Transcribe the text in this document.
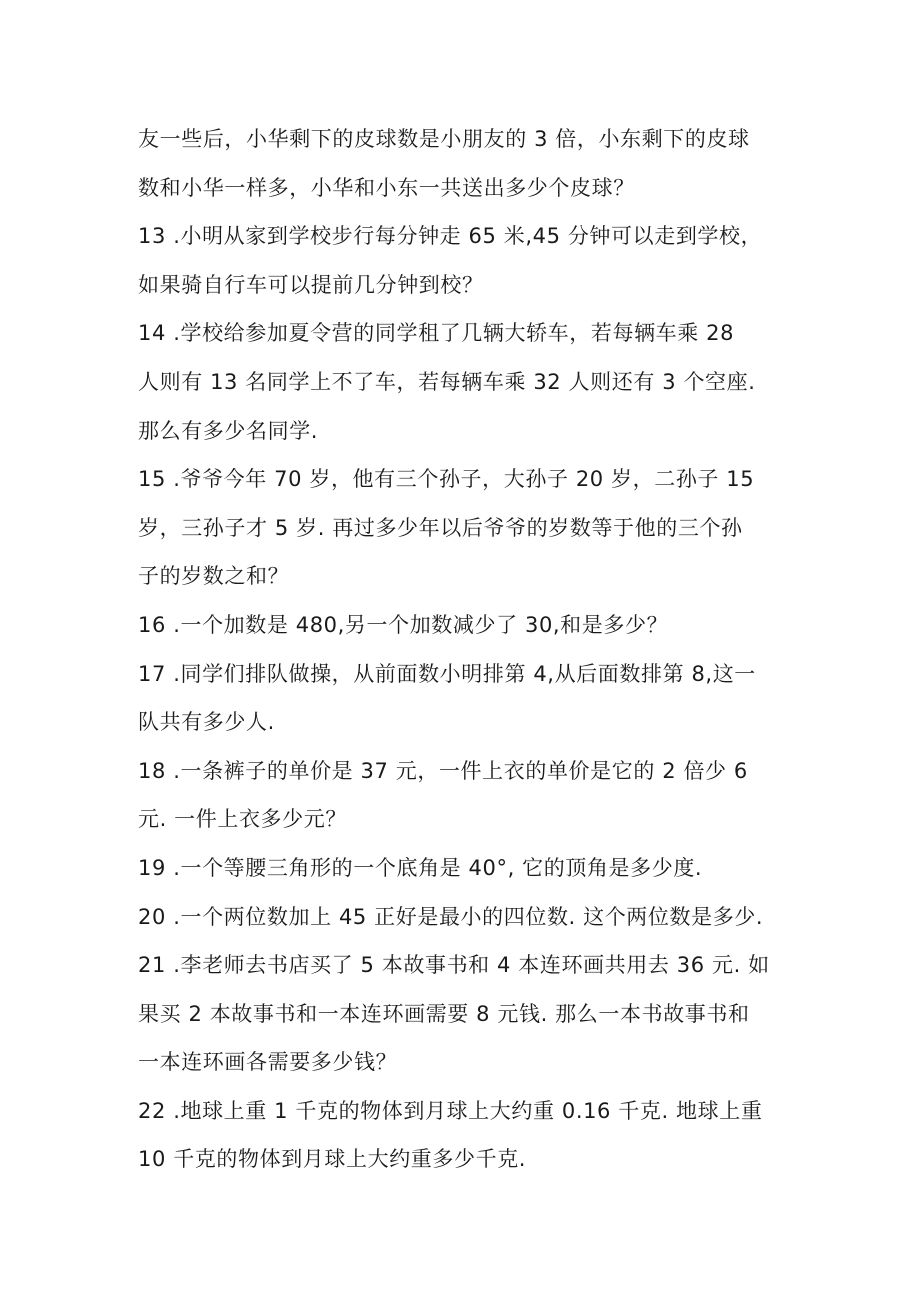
友一些后，小华剩下的皮球数是小朋友的 3 倍，小东剩下的皮球
数和小华一样多，小华和小东一共送出多少个皮球？
13 .小明从家到学校步行每分钟走 65 米,45 分钟可以走到学校，
如果骑自行车可以提前几分钟到校？
14 .学校给参加夏令营的同学租了几辆大轿车，若每辆车乘 28
人则有 13 名同学上不了车，若每辆车乘 32 人则还有 3 个空座.
那么有多少名同学.
15 .爷爷今年 70 岁，他有三个孙子，大孙子 20 岁，二孙子 15
岁，三孙子才 5 岁. 再过多少年以后爷爷的岁数等于他的三个孙
子的岁数之和？
16 .一个加数是 480,另一个加数减少了 30,和是多少？
17 .同学们排队做操，从前面数小明排第 4,从后面数排第 8,这一
队共有多少人.
18 .一条裤子的单价是 37 元，一件上衣的单价是它的 2 倍少 6
元. 一件上衣多少元？
19 .一个等腰三角形的一个底角是 40°, 它的顶角是多少度.
20 .一个两位数加上 45 正好是最小的四位数. 这个两位数是多少.
21 .李老师去书店买了 5 本故事书和 4 本连环画共用去 36 元. 如
果买 2 本故事书和一本连环画需要 8 元钱. 那么一本书故事书和
一本连环画各需要多少钱？
22 .地球上重 1 千克的物体到月球上大约重 0.16 千克. 地球上重
10 千克的物体到月球上大约重多少千克.
